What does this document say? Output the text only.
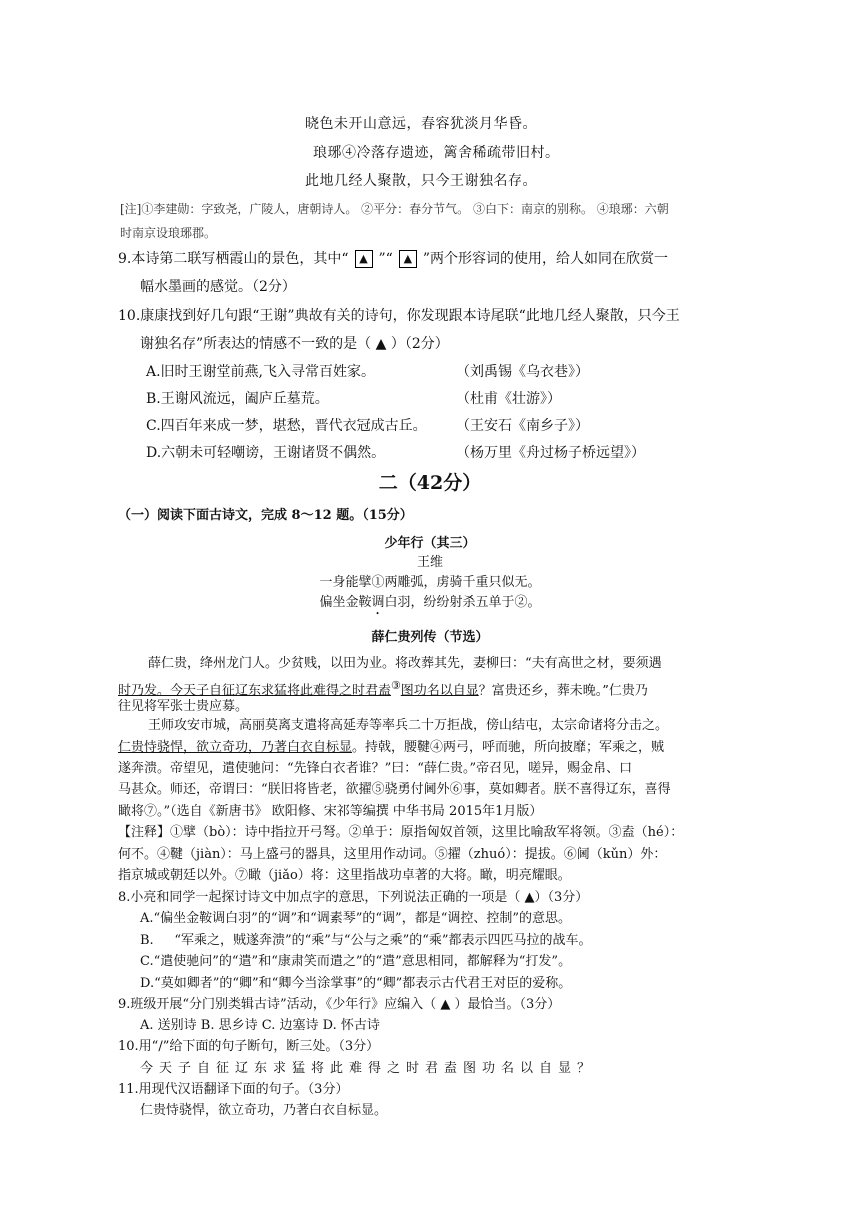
晓色未开山意远，春容犹淡月华昏。
琅琊④冷落存遗迹，篱舍稀疏带旧村。
此地几经人聚散，只今王谢独名存。
[注]①李建勋：字致尧，广陵人，唐朝诗人。 ②平分：春分节气。 ③白下：南京的别称。 ④琅琊：六朝
时南京设琅琊郡。
9.本诗第二联写栖霞山的景色，其中“ ▲ ”“ ▲ ”两个形容词的使用，给人如同在欣赏一
幅水墨画的感觉。（2分）
10.康康找到好几句跟“王谢”典故有关的诗句，你发现跟本诗尾联“此地几经人聚散，只今王
谢独名存”所表达的情感不一致的是（ ▲ ）（2分）
A.旧时王谢堂前燕,飞入寻常百姓家。	（刘禹锡《乌衣巷》）
B.王谢风流远，阖庐丘墓荒。	（杜甫《壮游》）
C.四百年来成一梦，堪愁，晋代衣冠成古丘。 （王安石《南乡子》）
D.六朝未可轻嘲谤，王谢诸贤不偶然。	（杨万里《舟过杨子桥远望》）
二（42分）
（一）阅读下面古诗文，完成 8～12 题。（15分）
少年行（其三）
王维
一身能擘①两雕弧，虏骑千重只似无。
偏坐金鞍调白羽，纷纷射杀五单于②。
薛仁贵列传（节选）
薛仁贵，绛州龙门人。少贫贱，以田为业。将改葬其先，妻柳曰：“夫有高世之材，要须遇
时乃发。今天子自征辽东求猛将此难得之时君盍③图功名以自显？富贵还乡，葬未晚。”仁贵乃
往见将军张士贵应募。
王师攻安市城，高丽莫离支遣将高延寿等率兵二十万拒战，傍山结屯，太宗命诸将分击之。
仁贵恃骁悍，欲立奇功，乃著白衣自标显。持戟，腰鞬④两弓，呼而驰，所向披靡；军乘之，贼
遂奔溃。帝望见，遣使驰问：“先锋白衣者谁？”曰：“薛仁贵。”帝召见，嗟异，赐金帛、口
马甚众。师还，帝谓曰：“朕旧将皆老，欲擢⑤骁勇付阃外⑥事，莫如卿者。朕不喜得辽东，喜得
瞰将⑦。”（选自《新唐书》 欧阳修、宋祁等编撰 中华书局 2015年1月版）
【注释】①擘（bò）：诗中指拉开弓弩。②单于：原指匈奴首领，这里比喻敌军将领。③盍（hé）：
何不。④鞬（jiàn）：马上盛弓的器具，这里用作动词。⑤擢（zhuó）：提拔。⑥阃（kǔn）外：
指京城或朝廷以外。⑦瞰（jiǎo）将：这里指战功卓著的大将。瞰，明亮耀眼。
8.小亮和同学一起探讨诗文中加点字的意思，下列说法正确的一项是（ ▲）（3分）
A.“偏坐金鞍调白羽”的“调”和“调素琴”的“调”，都是“调控、控制”的意思。
B.     “军乘之，贼遂奔溃”的“乘”与“公与之乘”的“乘”都表示四匹马拉的战车。
C.“遣使驰问”的“遣”和“康肃笑而遣之”的“遣”意思相同，都解释为“打发”。
D.“莫如卿者”的“卿”和“卿今当涂掌事”的“卿”都表示古代君王对臣的爱称。
9.班级开展“分门别类辑古诗”活动，《少年行》应编入（ ▲ ）最恰当。（3分）
A. 送别诗 B. 思乡诗 C. 边塞诗 D. 怀古诗
10.用“/”给下面的句子断句，断三处。（3分）
今天子自征辽东求猛将此难得之时君盍图功名以自显？
11.用现代汉语翻译下面的句子。（3分）
仁贵恃骁悍，欲立奇功，乃著白衣自标显。
